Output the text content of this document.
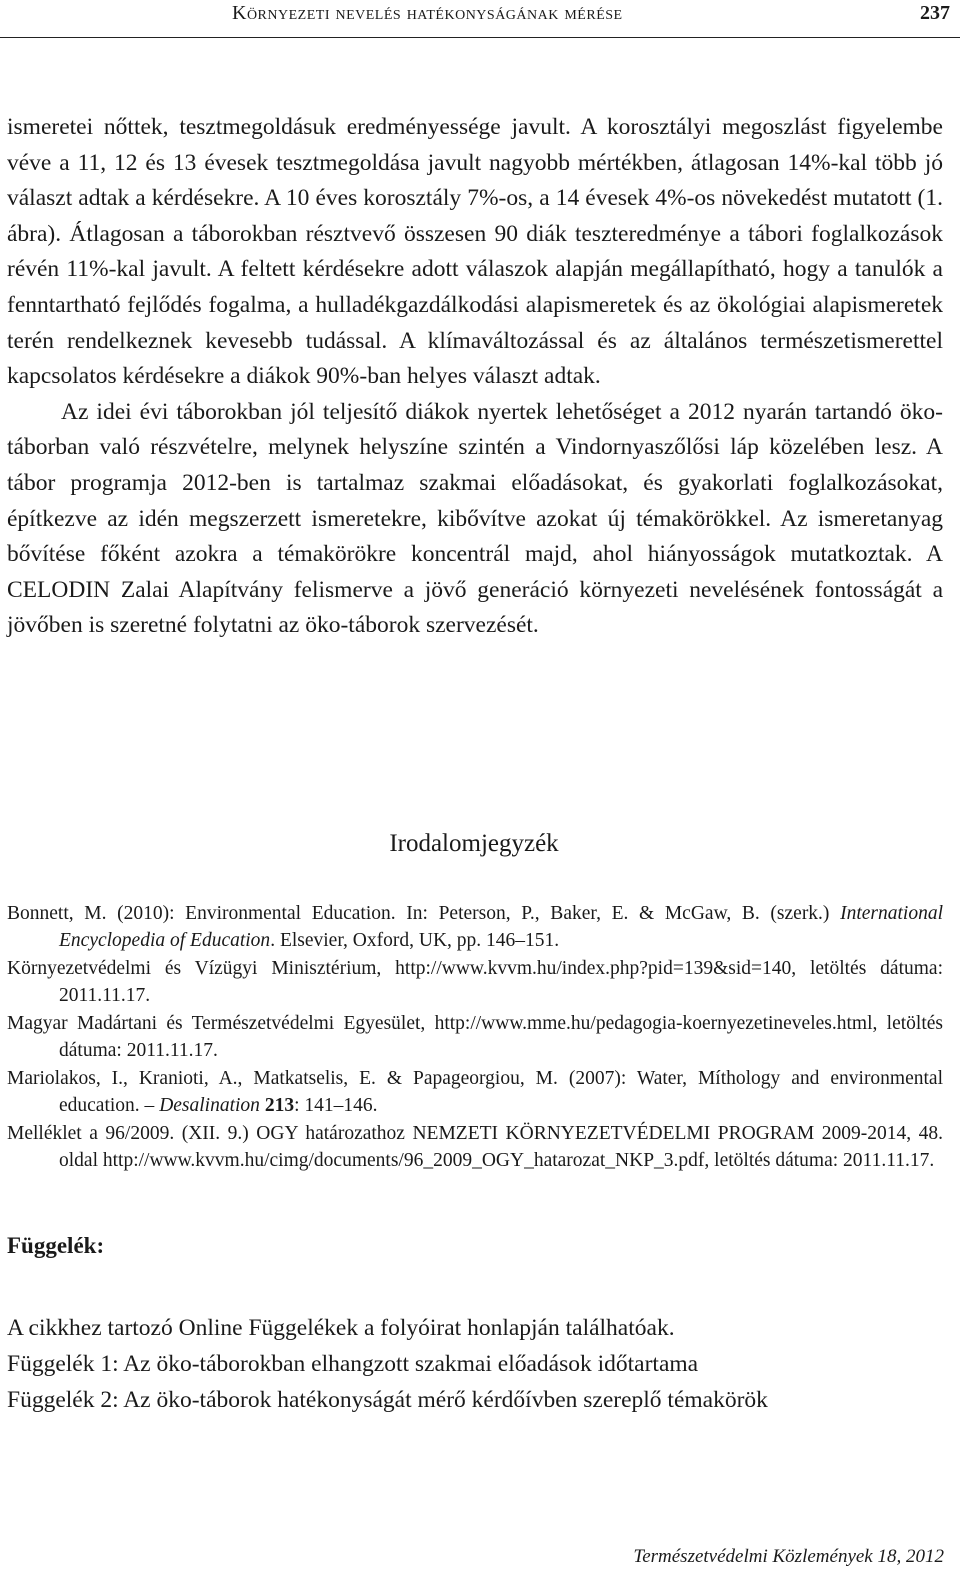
Környezeti nevelés hatékonyságának mérése	237

ismeretei nőttek, tesztmegoldásuk eredményessége javult. A korosztályi megoszlást figyelembe véve a 11, 12 és 13 évesek tesztmegoldása javult nagyobb mértékben, átlagosan 14%-kal több jó választ adtak a kérdésekre. A 10 éves korosztály 7%-os, a 14 évesek 4%-os növekedést mutatott (1. ábra). Átlagosan a táborokban résztvevő összesen 90 diák teszteredménye a tábori foglalkozások révén 11%-kal javult. A feltett kérdésekre adott válaszok alapján megállapítható, hogy a tanulók a fenntartható fejlődés fogalma, a hulladékgazdálkodási alapismeretek és az ökológiai alapismeretek terén rendelkeznek kevesebb tudással. A klímaváltozással és az általános természetismerettel kapcsolatos kérdésekre a diákok 90%-ban helyes választ adtak.

Az idei évi táborokban jól teljesítő diákok nyertek lehetőséget a 2012 nyarán tartandó öko-táborban való részvételre, melynek helyszíne szintén a Vindornyaszőlősi láp közelében lesz. A tábor programja 2012-ben is tartalmaz szakmai előadásokat, és gyakorlati foglalkozásokat, építkezve az idén megszerzett ismeretekre, kibővítve azokat új témakörökkel. Az ismeretanyag bővítése főként azokra a témakörökre koncentrál majd, ahol hiányosságok mutatkoztak. A CELODIN Zalai Alapítvány felismerve a jövő generáció környezeti nevelésének fontosságát a jövőben is szeretné folytatni az öko-táborok szervezését.

Irodalomjegyzék
Bonnett, M. (2010): Environmental Education. In: Peterson, P., Baker, E. & McGaw, B. (szerk.) International Encyclopedia of Education. Elsevier, Oxford, UK, pp. 146–151.
Környezetvédelmi és Vízügyi Minisztérium, http://www.kvvm.hu/index.php?pid=139&sid=140, letöltés dátuma: 2011.11.17.
Magyar Madártani és Természetvédelmi Egyesület, http://www.mme.hu/pedagogia-koernyezetineveles.html, letöltés dátuma: 2011.11.17.
Mariolakos, I., Kranioti, A., Matkatselis, E. & Papageorgiou, M. (2007): Water, Míthology and environmental education. – Desalination 213: 141–146.
Melléklet a 96/2009. (XII. 9.) OGY határozathoz NEMZETI KÖRNYEZETVÉDELMI PROGRAM 2009-2014, 48. oldal http://www.kvvm.hu/cimg/documents/96_2009_OGY_hatarozat_NKP_3.pdf, letöltés dátuma: 2011.11.17.
Függelék:
A cikkhez tartozó Online Függelékek a folyóirat honlapján találhatóak.
Függelék 1: Az öko-táborokban elhangzott szakmai előadások időtartama
Függelék 2: Az öko-táborok hatékonyságát mérő kérdőívben szereplő témakörök
Természetvédelmi Közlemények 18, 2012
